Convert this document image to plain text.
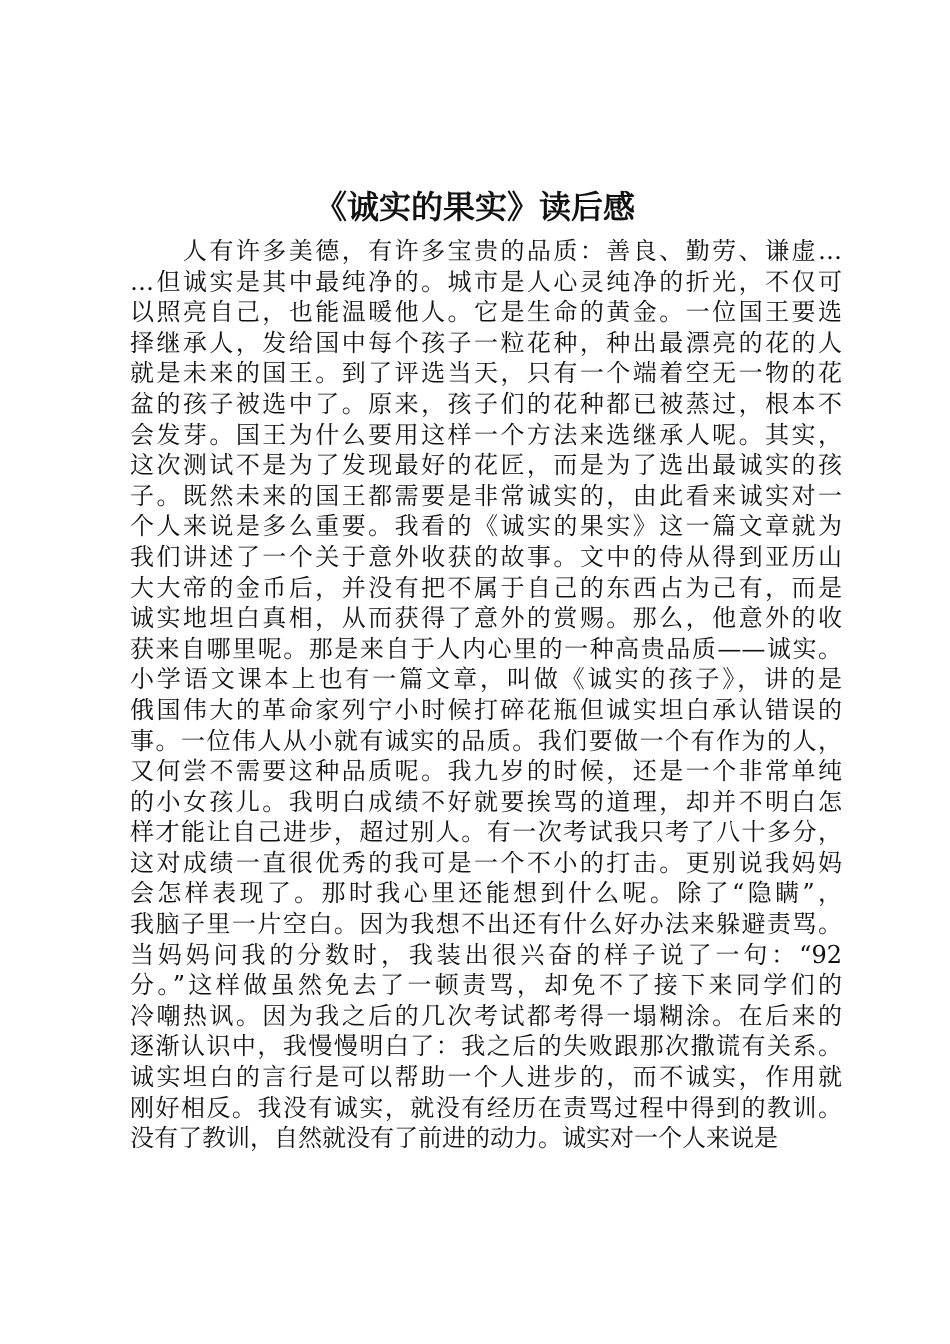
《诚实的果实》读后感
　　人有许多美德，有许多宝贵的品质：善良、勤劳、谦虚…
…但诚实是其中最纯净的。城市是人心灵纯净的折光，不仅可
以照亮自己，也能温暖他人。它是生命的黄金。一位国王要选
择继承人，发给国中每个孩子一粒花种，种出最漂亮的花的人
就是未来的国王。到了评选当天，只有一个端着空无一物的花
盆的孩子被选中了。原来，孩子们的花种都已被蒸过，根本不
会发芽。国王为什么要用这样一个方法来选继承人呢。其实，
这次测试不是为了发现最好的花匠，而是为了选出最诚实的孩
子。既然未来的国王都需要是非常诚实的，由此看来诚实对一
个人来说是多么重要。我看的《诚实的果实》这一篇文章就为
我们讲述了一个关于意外收获的故事。文中的侍从得到亚历山
大大帝的金币后，并没有把不属于自己的东西占为己有，而是
诚实地坦白真相，从而获得了意外的赏赐。那么，他意外的收
获来自哪里呢。那是来自于人内心里的一种高贵品质——诚实。
小学语文课本上也有一篇文章，叫做《诚实的孩子》，讲的是
俄国伟大的革命家列宁小时候打碎花瓶但诚实坦白承认错误的
事。一位伟人从小就有诚实的品质。我们要做一个有作为的人，
又何尝不需要这种品质呢。我九岁的时候，还是一个非常单纯
的小女孩儿。我明白成绩不好就要挨骂的道理，却并不明白怎
样才能让自己进步，超过别人。有一次考试我只考了八十多分，
这对成绩一直很优秀的我可是一个不小的打击。更别说我妈妈
会怎样表现了。那时我心里还能想到什么呢。除了“隐瞒”，
我脑子里一片空白。因为我想不出还有什么好办法来躲避责骂。
当妈妈问我的分数时，我装出很兴奋的样子说了一句：“92
分。”这样做虽然免去了一顿责骂，却免不了接下来同学们的
冷嘲热讽。因为我之后的几次考试都考得一塌糊涂。在后来的
逐渐认识中，我慢慢明白了：我之后的失败跟那次撒谎有关系。
诚实坦白的言行是可以帮助一个人进步的，而不诚实，作用就
刚好相反。我没有诚实，就没有经历在责骂过程中得到的教训。
没有了教训，自然就没有了前进的动力。诚实对一个人来说是
